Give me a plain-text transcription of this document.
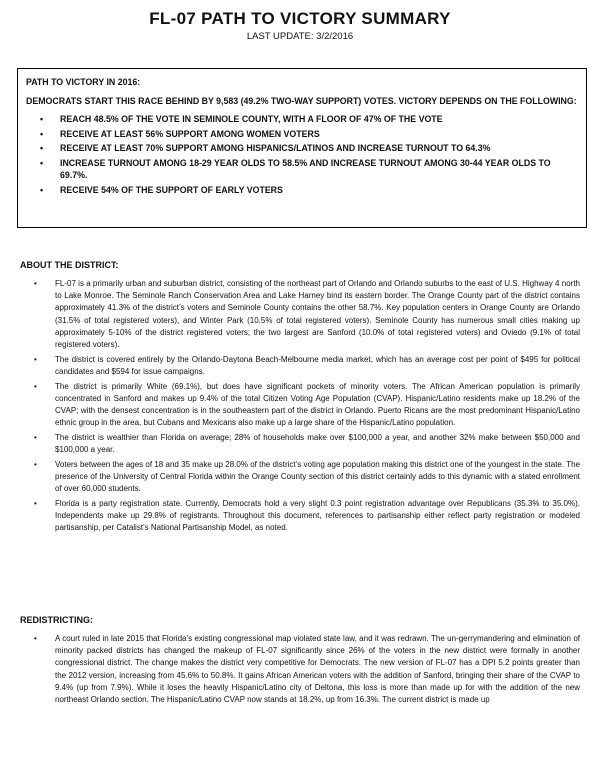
FL-07 PATH TO VICTORY SUMMARY
LAST UPDATE: 3/2/2016
PATH TO VICTORY IN 2016:
DEMOCRATS START THIS RACE BEHIND BY 9,583 (49.2% TWO-WAY SUPPORT) VOTES. VICTORY DEPENDS ON THE FOLLOWING:
• REACH 48.5% OF THE VOTE IN SEMINOLE COUNTY, WITH A FLOOR OF 47% OF THE VOTE
• RECEIVE AT LEAST 56% SUPPORT AMONG WOMEN VOTERS
• RECEIVE AT LEAST 70% SUPPORT AMONG HISPANICS/LATINOS AND INCREASE TURNOUT TO 64.3%
• INCREASE TURNOUT AMONG 18-29 YEAR OLDS TO 58.5% AND INCREASE TURNOUT AMONG 30-44 YEAR OLDS TO 69.7%.
• RECEIVE 54% OF THE SUPPORT OF EARLY VOTERS
ABOUT THE DISTRICT:
• FL-07 is a primarily urban and suburban district, consisting of the northeast part of Orlando and Orlando suburbs to the east of U.S. Highway 4 north to Lake Monroe. The Seminole Ranch Conservation Area and Lake Harney bind its eastern border. The Orange County part of the district contains approximately 41.3% of the district’s voters and Seminole County contains the other 58.7%. Key population centers in Orange County are Orlando (31.5% of total registered voters), and Winter Park (10.5% of total registered voters). Seminole County has numerous small cities making up approximately 5-10% of the district registered voters; the two largest are Sanford (10.0% of total registered voters) and Oviedo (9.1% of total registered voters).
• The district is covered entirely by the Orlando-Daytona Beach-Melbourne media market, which has an average cost per point of $495 for political candidates and $594 for issue campaigns.
• The district is primarily White (69.1%), but does have significant pockets of minority voters. The African American population is primarily concentrated in Sanford and makes up 9.4% of the total Citizen Voting Age Population (CVAP). Hispanic/Latino residents make up 18.2% of the CVAP; with the densest concentration is in the southeastern part of the district in Orlando. Puerto Ricans are the most predominant Hispanic/Latino ethnic group in the area, but Cubans and Mexicans also make up a large share of the Hispanic/Latino population.
• The district is wealthier than Florida on average; 28% of households make over $100,000 a year, and another 32% make between $50,000 and $100,000 a year.
• Voters between the ages of 18 and 35 make up 28.0% of the district’s voting age population making this district one of the youngest in the state. The presence of the University of Central Florida within the Orange County section of this district certainly adds to this dynamic with a stated enrollment of over 60,000 students.
• Florida is a party registration state. Currently, Democrats hold a very slight 0.3 point registration advantage over Republicans (35.3% to 35.0%). Independents make up 29.8% of registrants. Throughout this document, references to partisanship either reflect party registration or modeled partisanship, per Catalist’s National Partisanship Model, as noted.
REDISTRICTING:
• A court ruled in late 2015 that Florida’s existing congressional map violated state law, and it was redrawn. The un-gerrymandering and elimination of minority packed districts has changed the makeup of FL-07 significantly since 26% of the voters in the new district were formally in another congressional district. The change makes the district very competitive for Democrats. The new version of FL-07 has a DPI 5.2 points greater than the 2012 version, increasing from 45.6% to 50.8%. It gains African American voters with the addition of Sanford, bringing their share of the CVAP to 9.4% (up from 7.9%). While it loses the heavily Hispanic/Latino city of Deltona, this loss is more than made up for with the addition of the new northeast Orlando section. The Hispanic/Latino CVAP now stands at 18.2%, up from 16.3%. The current district is made up
